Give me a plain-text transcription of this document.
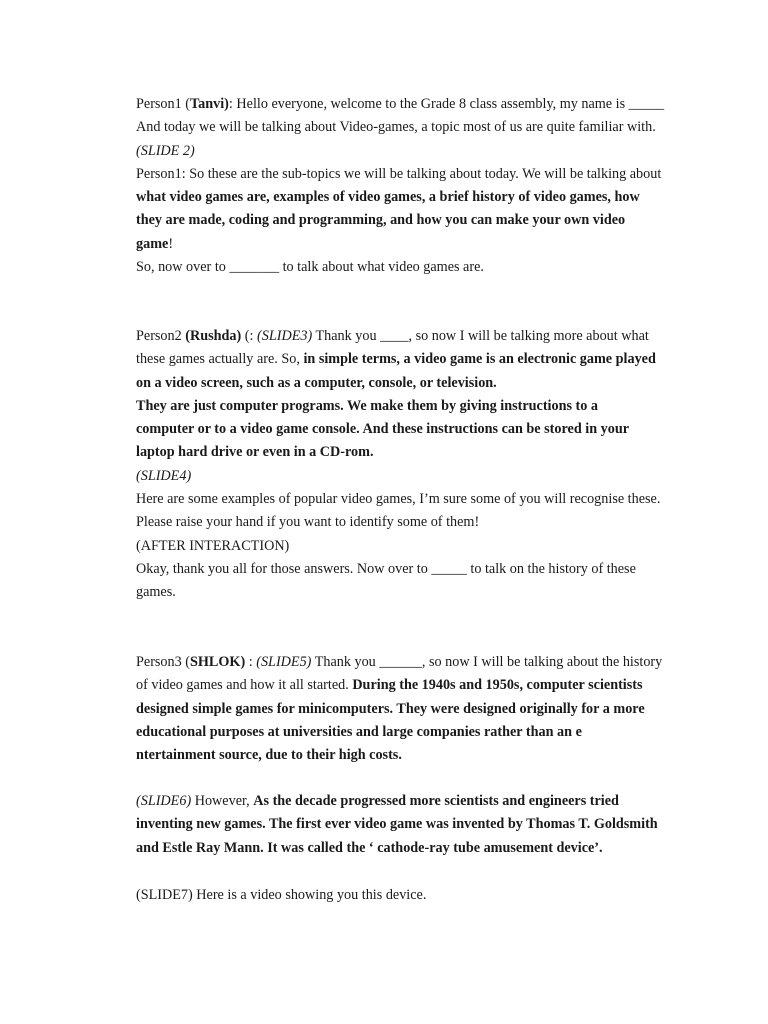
Person1 (Tanvi): Hello everyone, welcome to the Grade 8 class assembly, my name is _____
And today we will be talking about Video-games, a topic most of us are quite familiar with.
(SLIDE 2)
Person1: So these are the sub-topics we will be talking about today. We will be talking about
what video games are, examples of video games, a brief history of video games, how
they are made, coding and programming, and how you can make your own video
game!
So, now over to _______ to talk about what video games are.
Person2 (Rushda) (: (SLIDE3) Thank you ____, so now I will be talking more about what
these games actually are. So, in simple terms, a video game is an electronic game played
on a video screen, such as a computer, console, or television.
They are just computer programs. We make them by giving instructions to a
computer or to a video game console. And these instructions can be stored in your
laptop hard drive or even in a CD-rom.
(SLIDE4)
Here are some examples of popular video games, I’m sure some of you will recognise these.
Please raise your hand if you want to identify some of them!
(AFTER INTERACTION)
Okay, thank you all for those answers. Now over to _____ to talk on the history of these
games.
Person3 (SHLOK) : (SLIDE5) Thank you ______, so now I will be talking about the history
of video games and how it all started. During the 1940s and 1950s, computer scientists
designed simple games for minicomputers. They were designed originally for a more
educational purposes at universities and large companies rather than an e
ntertainment source, due to their high costs.
(SLIDE6) However, As the decade progressed more scientists and engineers tried
inventing new games. The first ever video game was invented by Thomas T. Goldsmith
and Estle Ray Mann. It was called the ‘ cathode-ray tube amusement device’.
(SLIDE7) Here is a video showing you this device.
